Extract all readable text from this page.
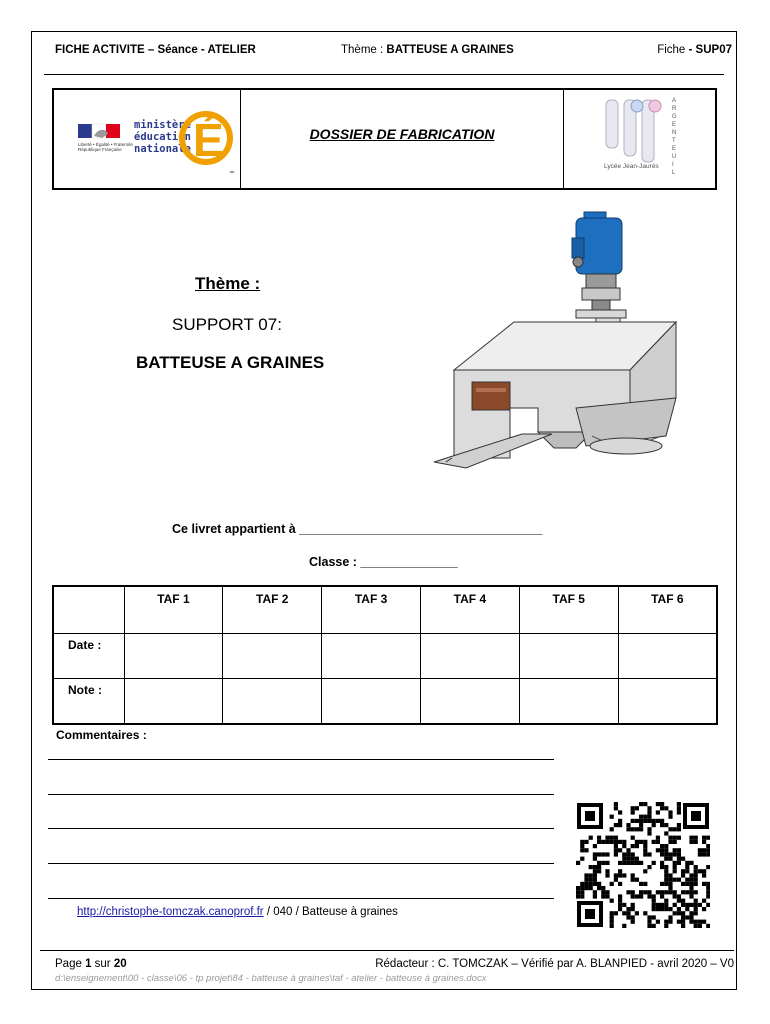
FICHE ACTIVITE – Séance - ATELIER	Thème : BATTEUSE A GRAINES	Fiche - SUP07
Liberté • Égalité • Fraternité
République Française
ministère
éducation
nationale É	DOSSIER DE FABRICATION
A
R
G
E
N
T
E
U
I
L
Lycée Jean-Jaurès
Thème :
SUPPORT 07:
BATTEUSE A GRAINES
Ce livret appartient à ___________________________________
Classe : ______________
	TAF 1	TAF 2	TAF 3	TAF 4	TAF 5	TAF 6
Date :						
Note :						
Commentaires :
http://christophe-tomczak.canoprof.fr / 040 / Batteuse à graines
Page 1 sur 20	Rédacteur : C. TOMCZAK – Vérifié par A. BLANPIED - avril 2020 – V0
d:\enseignement\00 - classe\06 - tp projet\84 - batteuse à graines\taf - atelier - batteuse à graines.docx
